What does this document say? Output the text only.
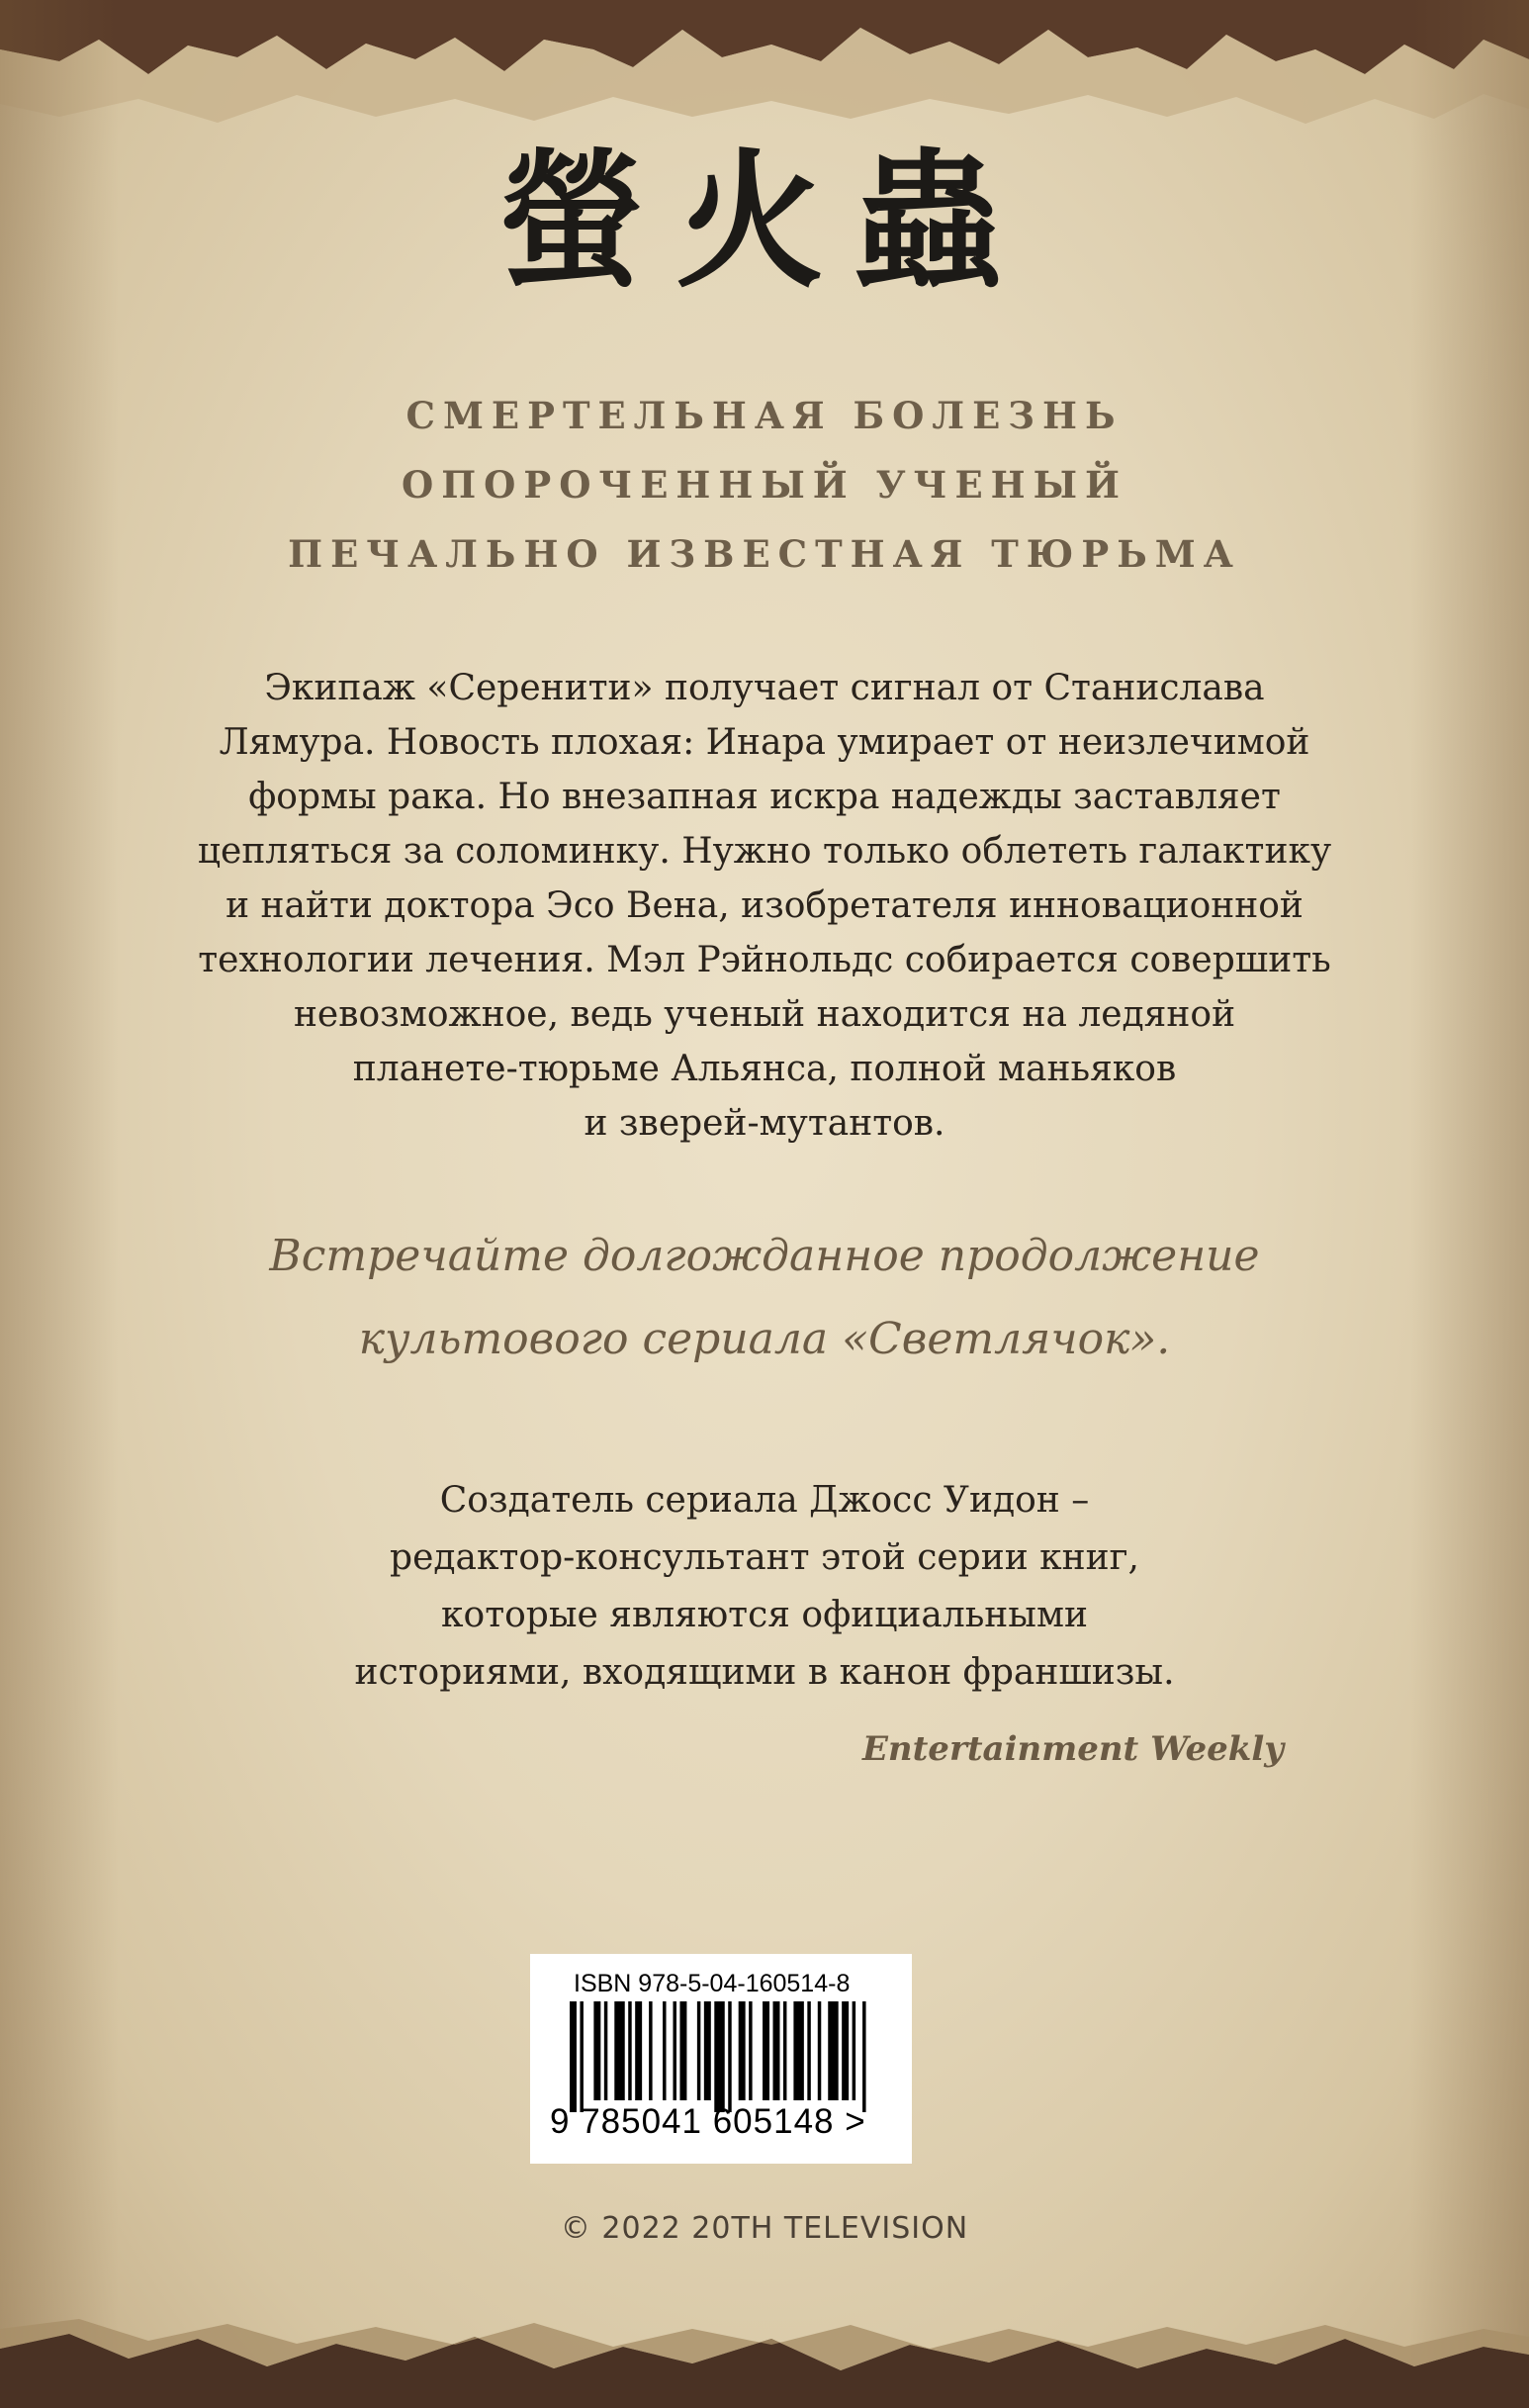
螢火蟲
СМЕРТЕЛЬНАЯ БОЛЕЗНЬ
ОПОРОЧЕННЫЙ УЧЕНЫЙ
ПЕЧАЛЬНО ИЗВЕСТНАЯ ТЮРЬМА
Экипаж «Серенити» получает сигнал от Станислава
Лямура. Новость плохая: Инара умирает от неизлечимой
формы рака. Но внезапная искра надежды заставляет
цепляться за соломинку. Нужно только облететь галактику
и найти доктора Эсо Вена, изобретателя инновационной
технологии лечения. Мэл Рэйнольдс собирается совершить
невозможное, ведь ученый находится на ледяной
планете-тюрьме Альянса, полной маньяков
и зверей-мутантов.
Встречайте долгожданное продолжение
культового сериала «Светлячок».
Создатель сериала Джосс Уидон –
редактор-консультант этой серии книг,
которые являются официальными
историями, входящими в канон франшизы.
Entertainment Weekly
ISBN 978-5-04-160514-8
9 785041 605148 >
© 2022 20TH TELEVISION
